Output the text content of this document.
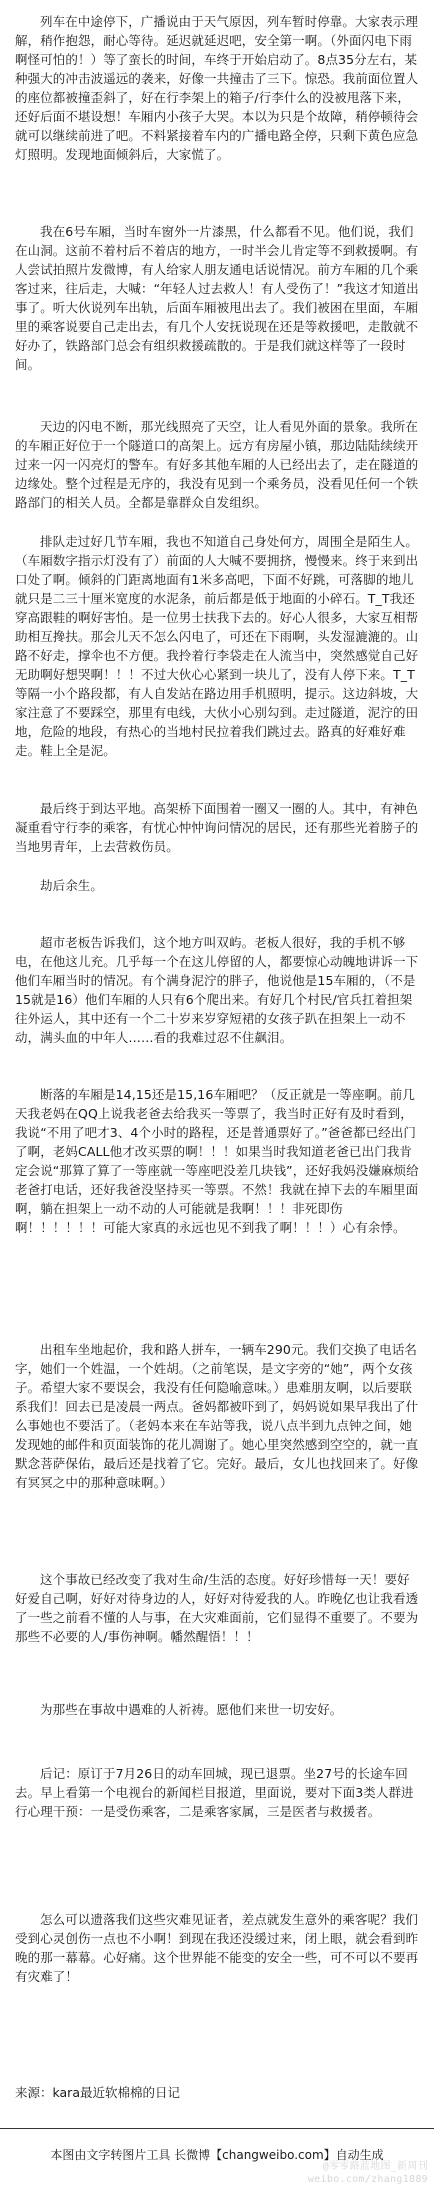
列车在中途停下，广播说由于天气原因，列车暂时停靠。大家表示理解，稍作抱怨，耐心等待。延迟就延迟吧，安全第一啊。（外面闪电下雨啊怪可怕的！）等了蛮长的时间，车终于开始启动了。8点35分左右，某种强大的冲击波遥远的袭来，好像一共撞击了三下。惊恐。我前面位置人的座位都被撞歪斜了，好在行李架上的箱子/行李什么的没被甩落下来，还好后面不堪设想！车厢内小孩子大哭。本以为只是个故障，稍停顿待会就可以继续前进了吧。不料紧接着车内的广播电路全停，只剩下黄色应急灯照明。发现地面倾斜后，大家慌了。
我在6号车厢，当时车窗外一片漆黑，什么都看不见。他们说，我们在山洞。这前不着村后不着店的地方，一时半会儿肯定等不到救援啊。有人尝试拍照片发微博，有人给家人朋友通电话说情况。前方车厢的几个乘客过来，往后走，大喊：“年轻人过去救人！有人受伤了！”我这才知道出事了。听大伙说列车出轨，后面车厢被甩出去了。我们被困在里面，车厢里的乘客说要自己走出去，有几个人安抚说现在还是等救援吧，走散就不好办了，铁路部门总会有组织救援疏散的。于是我们就这样等了一段时间。
天边的闪电不断，那光线照亮了天空，让人看见外面的景象。我所在的车厢正好位于一个隧道口的高架上。远方有房屋小镇，那边陆陆续续开过来一闪一闪亮灯的警车。有好多其他车厢的人已经出去了，走在隧道的边缘处。整个过程是无序的，我没有见到一个乘务员，没看见任何一个铁路部门的相关人员。全都是靠群众自发组织。
排队走过好几节车厢，我也不知道自己身处何方，周围全是陌生人。（车厢数字指示灯没有了）前面的人大喊不要拥挤，慢慢来。终于来到出口处了啊。倾斜的门距离地面有1米多高吧，下面不好跳，可落脚的地儿就只是二三十厘米宽度的水泥条，前后都是低于地面的小碎石。T_T我还穿高跟鞋的啊好害怕。是一位男士扶我下去的。好心人很多，大家互相帮助相互搀扶。那会儿天不怎么闪电了，可还在下雨啊，头发湿漉漉的。山路不好走，撑伞也不方便。我拎着行李袋走在人流当中，突然感觉自己好无助啊好想哭啊！！！不过大伙心心紧到一块儿了，没有人停下来。T_T等隔一小个路段都，有人自发站在路边用手机照明，提示。这边斜坡，大家注意了不要踩空，那里有电线，大伙小心别勾到。走过隧道，泥泞的田地，危险的地段，有热心的当地村民拉着我们跳过去。路真的好难好难走。鞋上全是泥。
最后终于到达平地。高架桥下面围着一圈又一圈的人。其中，有神色凝重看守行李的乘客，有忧心忡忡询问情况的居民，还有那些光着膀子的当地男青年，上去营救伤员。
劫后余生。
超市老板告诉我们，这个地方叫双屿。老板人很好，我的手机不够电，在他这儿充。几乎每一个在这儿停留的人，都要惊心动魄地讲诉一下他们车厢当时的情况。有个满身泥泞的胖子，他说他是15车厢的，（不是15就是16）他们车厢的人只有6个爬出来。有好几个村民/官兵扛着担架往外运人，其中还有一个二十岁来岁穿短裙的女孩子趴在担架上一动不动，满头血的中年人……看的我难过忍不住飙泪。
断落的车厢是14,15还是15,16车厢吧？（反正就是一等座啊。前几天我老妈在QQ上说我老爸去给我买一等票了，我当时正好有及时看到，我说“不用了吧才3、4个小时的路程，还是普通票好了。”爸爸都已经出门了啊，老妈CALL他才改买票的啊！！！如果当时我知道老爸已出门我肯定会说“那算了算了一等座就一等座吧没差几块钱”，还好我妈没嫌麻烦给老爸打电话，还好我爸没坚持买一等票。不然！我就在掉下去的车厢里面啊，躺在担架上一动不动的人可能就是我啊！！！非死即伤啊！！！！！！可能大家真的永远也见不到我了啊！！！）心有余悸。
出租车坐地起价，我和路人拼车，一辆车290元。我们交换了电话名字，她们一个姓温，一个姓胡。（之前笔误，是文字旁的“她”，两个女孩子。希望大家不要误会，我没有任何隐喻意味。）患难朋友啊，以后要联系我们！回去已是凌晨一两点。爸妈都被吓到了，妈妈说如果早我出了什么事她也不要活了。（老妈本来在车站等我，说八点半到九点钟之间，她发现她的邮件和页面装饰的花儿凋谢了。她心里突然感到空空的，就一直默念菩萨保佑，最后还是找着了它。完好。最后，女儿也找回来了。好像有冥冥之中的那种意味啊。）
这个事故已经改变了我对生命/生活的态度。好好珍惜每一天！要好好爱自己啊，好好对待身边的人，好好对待爱我的人。昨晚亿也让我看透了一些之前看不懂的人与事，在大灾难面前，它们显得不重要了。不要为那些不必要的人/事伤神啊。幡然醒悟！！！
为那些在事故中遇难的人祈祷。愿他们来世一切安好。
后记：原订于7月26日的动车回城，现已退票。坐27号的长途车回去。早上看第一个电视台的新闻栏目报道，里面说，要对下面3类人群进行心理干预：一是受伤乘客，二是乘客家属，三是医者与救援者。
怎么可以遗落我们这些灾难见证者，差点就发生意外的乘客呢？我们受到心灵创伤一点也不小啊！到现在我还没缓过来，闭上眼，就会看到昨晚的那一幕幕。心好痛。这个世界能不能变的安全一些，可不可以不要再有灾难了！
来源：kara最近软棉棉的日记
本图由文字转图片工具 长微博【changweibo.com】自动生成
@零零路蓝地图_新周刊
weibo.com/zhang1889
